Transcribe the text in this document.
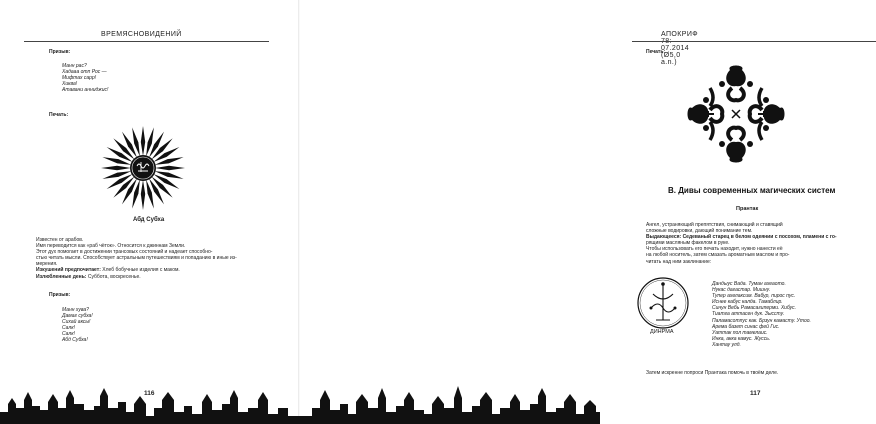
ВРЕМЯСНОВИДЕНИЙ
Призыв:
Манн рас?
Хадааа отп Рос —
Мифтах сарр!
Хиква!
Атавани анниджис!
Печать:
Абд Субха
Известен от арабов.
Имя переводится как «раб чёток». Относится к джиннам Земли.
Этот дух помогает в достижении трансовых состояний и надеает способно-
стью читать мысли. Способствует астральным путешествиям и попаданию в иные из-
мерения.
Изкушений предпочитает: Хлеб бобучные изделия с маком.
Излюбленные день: Суббота, воскресенье.
Призыв:
Манн хува?
Дамаг субха!
Сихай аксы!
Салк!
Салк!
Абд Субха!
116
АПОКРИФ 07.2014 (Ø5,0 a.n.)
Печать:
B. Дивы современных магических систем
Прантак
Ангел, устраняющий препятствия, снимающий и ставящий
сложные водировки, дающий понимание тем.
Выдающееся: Седеваный старец в белом одеянии с посохом, пламени с го-
рящими масляным факелом в руке.
Чтобы использовать его печать находит, нужно нанести её
на любой носитель, затем смазать ароматным маслом и про-
читать над ним заклинание:
ДИНРМА
Дандыус Вада. Туман ахеаото.
Нукас дагастар. Мишну.
Тупер ахелаксим. Вабур, пирос пус.
Иснее кабус калда. Тамаблир.
Синун Вебь Рамасагиперми. Хибус.
Тиатга аттасен дук. Зыссту.
Паламасотпус как. Брзун камасту. Утоо.
Арема базет синас фей Гис.
Уаттак пол тамелаис.
Инка, акка камус. Жуссь.
Хантау улд.
Затем искренне попроси Прантака помочь в твоём деле.
117
